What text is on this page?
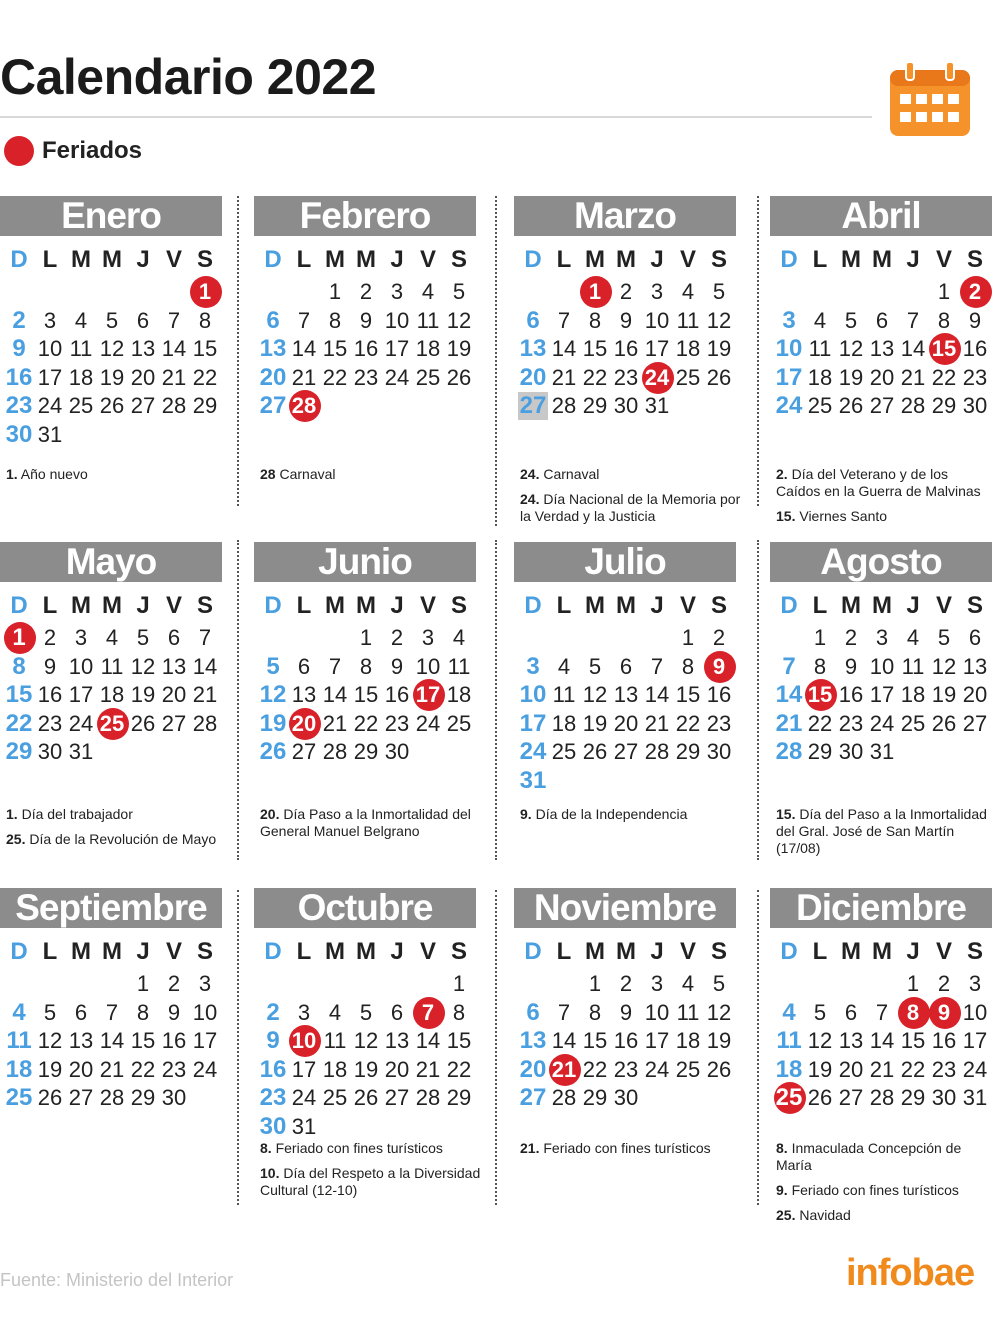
Calendario 2022
Feriados
Enero
D L M M J V S
1
2 3 4 5 6 7 8
9 10 11 12 13 14 15
16 17 18 19 20 21 22
23 24 25 26 27 28 29
30 31
1. Año nuevo
Febrero
D L M M J V S
1 2 3 4 5
6 7 8 9 10 11 12
13 14 15 16 17 18 19
20 21 22 23 24 25 26
27 28
28 Carnaval
Marzo
D L M M J V S
1 2 3 4 5
6 7 8 9 10 11 12
13 14 15 16 17 18 19
20 21 22 23 24 25 26
27 28 29 30 31
24. Carnaval
24. Día Nacional de la Memoria por la Verdad y la Justicia
Abril
D L M M J V S
1 2
3 4 5 6 7 8 9
10 11 12 13 14 15 16
17 18 19 20 21 22 23
24 25 26 27 28 29 30
2. Día del Veterano y de los Caídos en la Guerra de Malvinas
15. Viernes Santo
Mayo
D L M M J V S
1 2 3 4 5 6 7
8 9 10 11 12 13 14
15 16 17 18 19 20 21
22 23 24 25 26 27 28
29 30 31
1. Día del trabajador
25. Día de la Revolución de Mayo
Junio
D L M M J V S
1 2 3 4
5 6 7 8 9 10 11
12 13 14 15 16 17 18
19 20 21 22 23 24 25
26 27 28 29 30
20. Día Paso a la Inmortalidad del General Manuel Belgrano
Julio
D L M M J V S
1 2
3 4 5 6 7 8 9
10 11 12 13 14 15 16
17 18 19 20 21 22 23
24 25 26 27 28 29 30
31
9. Día de la Independencia
Agosto
D L M M J V S
1 2 3 4 5 6
7 8 9 10 11 12 13
14 15 16 17 18 19 20
21 22 23 24 25 26 27
28 29 30 31
15. Día del Paso a la Inmortalidad del Gral. José de San Martín (17/08)
Septiembre
D L M M J V S
1 2 3
4 5 6 7 8 9 10
11 12 13 14 15 16 17
18 19 20 21 22 23 24
25 26 27 28 29 30
Octubre
D L M M J V S
1
2 3 4 5 6 7 8
9 10 11 12 13 14 15
16 17 18 19 20 21 22
23 24 25 26 27 28 29
30 31
8. Feriado con fines turísticos
10. Día del Respeto a la Diversidad Cultural (12-10)
Noviembre
D L M M J V S
1 2 3 4 5
6 7 8 9 10 11 12
13 14 15 16 17 18 19
20 21 22 23 24 25 26
27 28 29 30
21. Feriado con fines turísticos
Diciembre
D L M M J V S
1 2 3
4 5 6 7 8 9 10
11 12 13 14 15 16 17
18 19 20 21 22 23 24
25 26 27 28 29 30 31
8. Inmaculada Concepción de María
9. Feriado con fines turísticos
25. Navidad
Fuente: Ministerio del Interior	infobae
